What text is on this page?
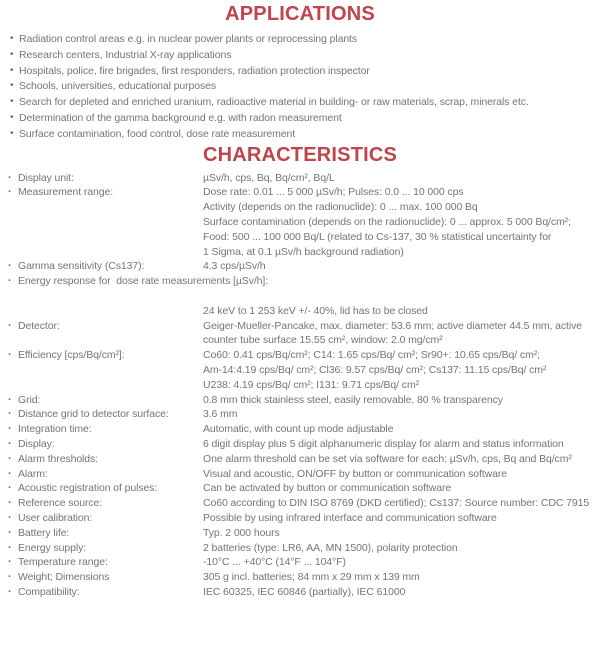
APPLICATIONS
• Radiation control areas e.g. in nuclear power plants or reprocessing plants
• Research centers, Industrial X-ray applications
• Hospitals, police, fire brigades, first responders, radiation protection inspector
• Schools, universities, educational purposes
• Search for depleted and enriched uranium, radioactive material in building- or raw materials, scrap, minerals etc.
• Determination of the gamma background e.g. with radon measurement
• Surface contamination, food control, dose rate measurement
CHARACTERISTICS
· Display unit:	µSv/h, cps, Bq, Bq/cm², Bq/L
· Measurement range:	Dose rate: 0.01 ... 5 000 µSv/h; Pulses: 0.0 ... 10 000 cps
Activity (depends on the radionuclide): 0 ... max. 100 000 Bq
Surface contamination (depends on the radionuclide): 0 ... approx. 5 000 Bq/cm²;
Food: 500 ... 100 000 Bq/L (related to Cs-137, 30 % statistical uncertainty for
1 Sigma, at 0.1 µSv/h background radiation)
· Gamma sensitivity (Cs137):	4.3 cps/µSv/h
· Energy response for  dose rate measurements [µSv/h]:
24 keV to 1 253 keV +/- 40%, lid has to be closed
· Detector:	Geiger-Mueller-Pancake, max. diameter: 53.6 mm; active diameter 44.5 mm, active
counter tube surface 15.55 cm², window: 2.0 mg/cm²
· Efficiency [cps/Bq/cm²]:	Co60: 0.41 cps/Bq/cm²; C14: 1.65 cps/Bq/ cm²; Sr90+: 10.65 cps/Bq/ cm²;
Am-14:4.19 cps/Bq/ cm²; Cl36: 9.57 cps/Bq/ cm²; Cs137: 11.15 cps/Bq/ cm²
U238: 4.19 cps/Bq/ cm²; I131: 9.71 cps/Bq/ cm²
· Grid:	0.8 mm thick stainless steel, easily removable, 80 % transparency
· Distance grid to detector surface:	3.6 mm
· Integration time:	Automatic, with count up mode adjustable
· Display:	6 digit display plus 5 digit alphanumeric display for alarm and status information
· Alarm thresholds:	One alarm threshold can be set via software for each: µSv/h, cps, Bq and Bq/cm²
· Alarm:	Visual and acoustic, ON/OFF by button or communication software
· Acoustic registration of pulses:	Can be activated by button or communication software
· Reference source:	Co60 according to DIN ISO 8769 (DKD certified); Cs137: Source number: CDC 7915
· User calibration:	Possible by using infrared interface and communication software
· Battery life:	Typ. 2 000 hours
· Energy supply:	2 batteries (type: LR6, AA, MN 1500), polarity protection
· Temperature range:	-10°C ... +40°C (14°F ... 104°F)
· Weight; Dimensions	305 g incl. batteries; 84 mm x 29 mm x 139 mm
· Compatibility:	IEC 60325, IEC 60846 (partially), IEC 61000
